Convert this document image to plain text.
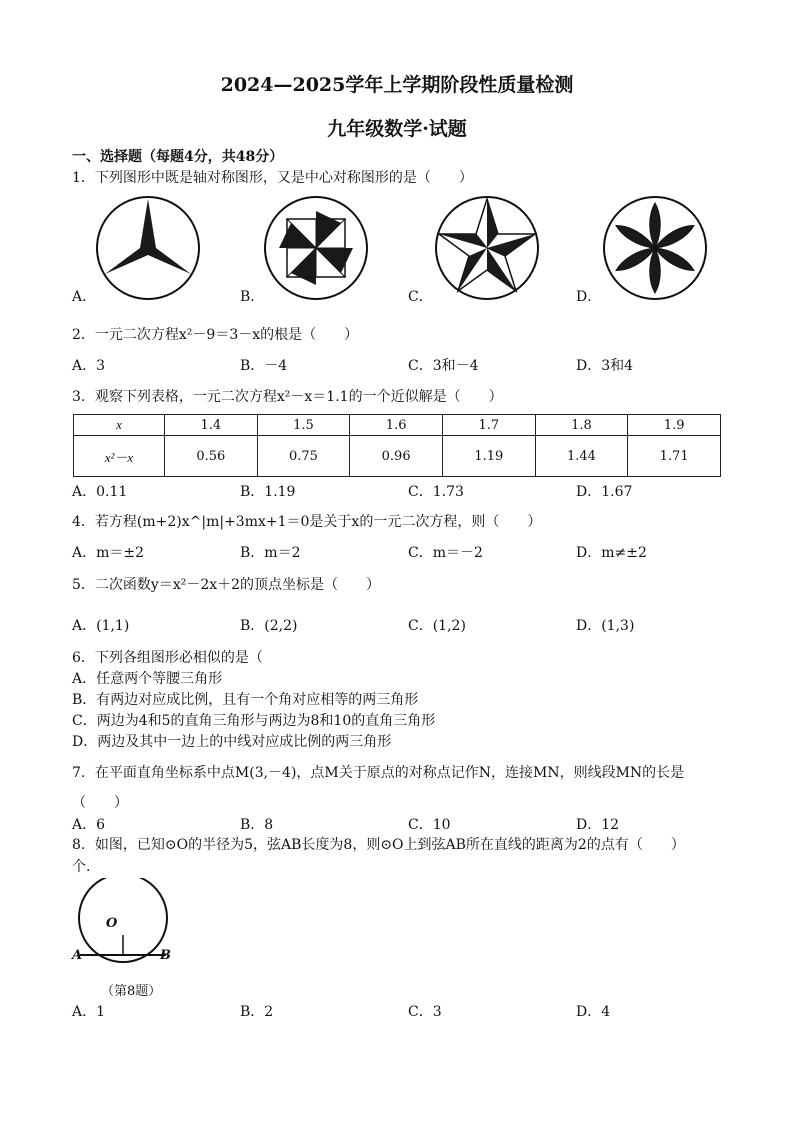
2024—2025学年上学期阶段性质量检测
九年级数学·试题
一、选择题（每题4分，共48分）
1．下列图形中既是轴对称图形，又是中心对称图形的是（　　）
A．	B．	C．	D．
2．一元二次方程x²－9＝3－x的根是（　　）
A．3	B．－4	C．3和－4	D．3和4
3．观察下列表格，一元二次方程x²－x＝1.1的一个近似解是（　　）
x	1.4	1.5	1.6	1.7	1.8	1.9
x²－x	0.56	0.75	0.96	1.19	1.44	1.71
A．0.11	B．1.19	C．1.73	D．1.67
4．若方程(m+2)x^|m|+3mx+1＝0是关于x的一元二次方程，则（　　）
A．m＝±2	B．m＝2	C．m＝－2	D．m≠±2
5．二次函数y＝x²－2x＋2的顶点坐标是（　　）
A．(1,1)	B．(2,2)	C．(1,2)	D．(1,3)
6．下列各组图形必相似的是（
A．任意两个等腰三角形
B．有两边对应成比例，且有一个角对应相等的两三角形
C．两边为4和5的直角三角形与两边为8和10的直角三角形
D．两边及其中一边上的中线对应成比例的两三角形
7．在平面直角坐标系中点M(3,－4)，点M关于原点的对称点记作N，连接MN，则线段MN的长是
（　　）
A．6	B．8	C．10	D．12
8．如图，已知⊙O的半径为5，弦AB长度为8，则⊙O上到弦AB所在直线的距离为2的点有（　　）
个.
O
A	B
（第8题）
A．1	B．2	C．3	D．4
